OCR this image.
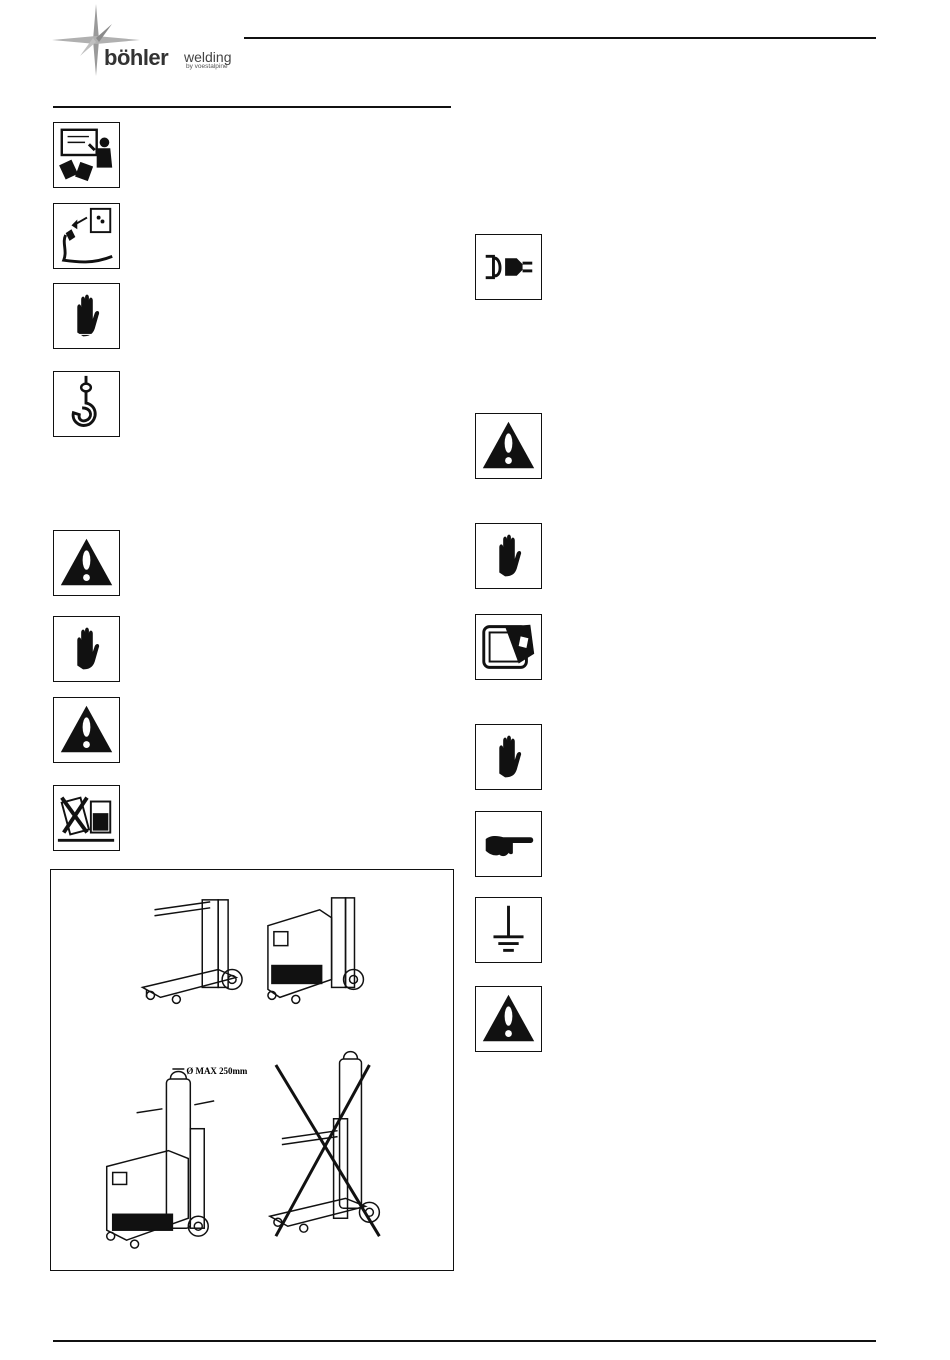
böhler welding
by voestalpine
Ø MAX 250mm
